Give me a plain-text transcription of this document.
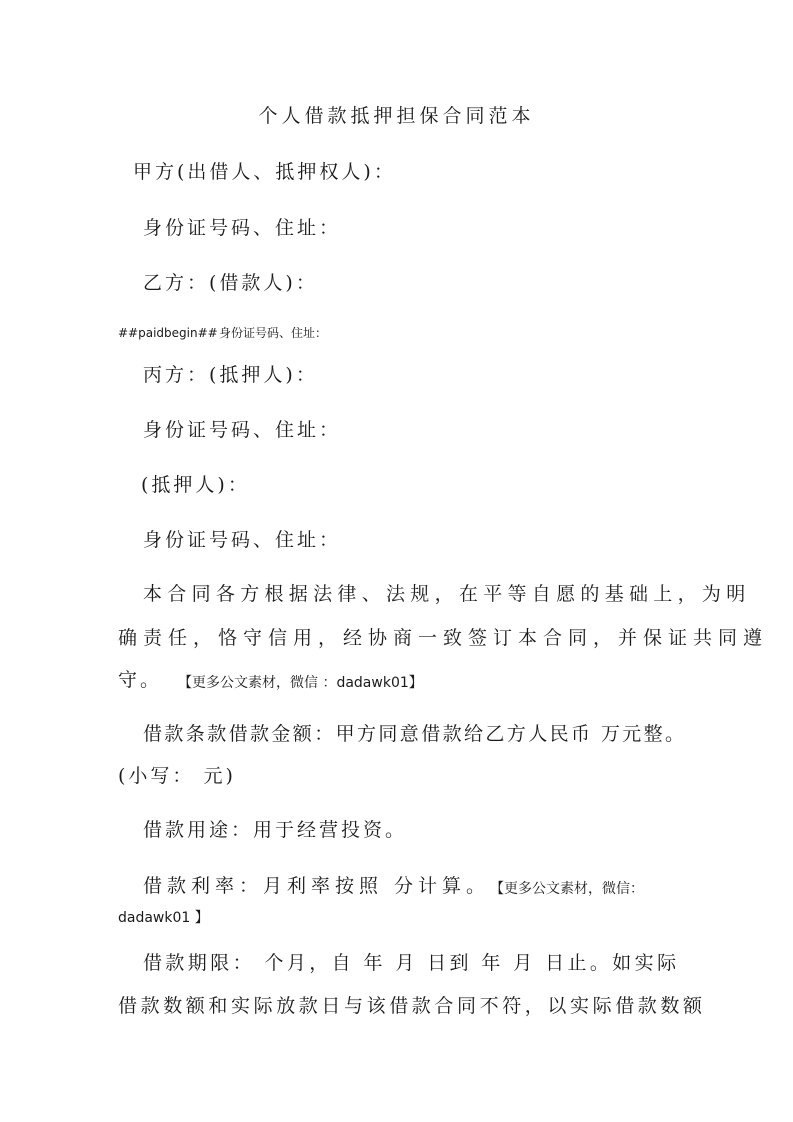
个人借款抵押担保合同范本
甲方(出借人、抵押权人)：
身份证号码、住址：
乙方：(借款人)：
##paidbegin## 身份证号码、住址：
丙方：(抵押人)：
身份证号码、住址：
(抵押人)：
身份证号码、住址：
本合同各方根据法律、法规，在平等自愿的基础上，为明
确责任，恪守信用，经协商一致签订本合同，并保证共同遵
守。 【更多公文素材，微信 ：dadawk01】
借款条款借款金额：甲方同意借款给乙方人民币 万元整。
(小写： 元)
借款用途：用于经营投资。
借款利率：月利率按照 分计算。 【更多公文素材，微信：
dadawk01 】
借款期限： 个月，自 年 月 日到 年 月 日止。如实际
借款数额和实际放款日与该借款合同不符，以实际借款数额
